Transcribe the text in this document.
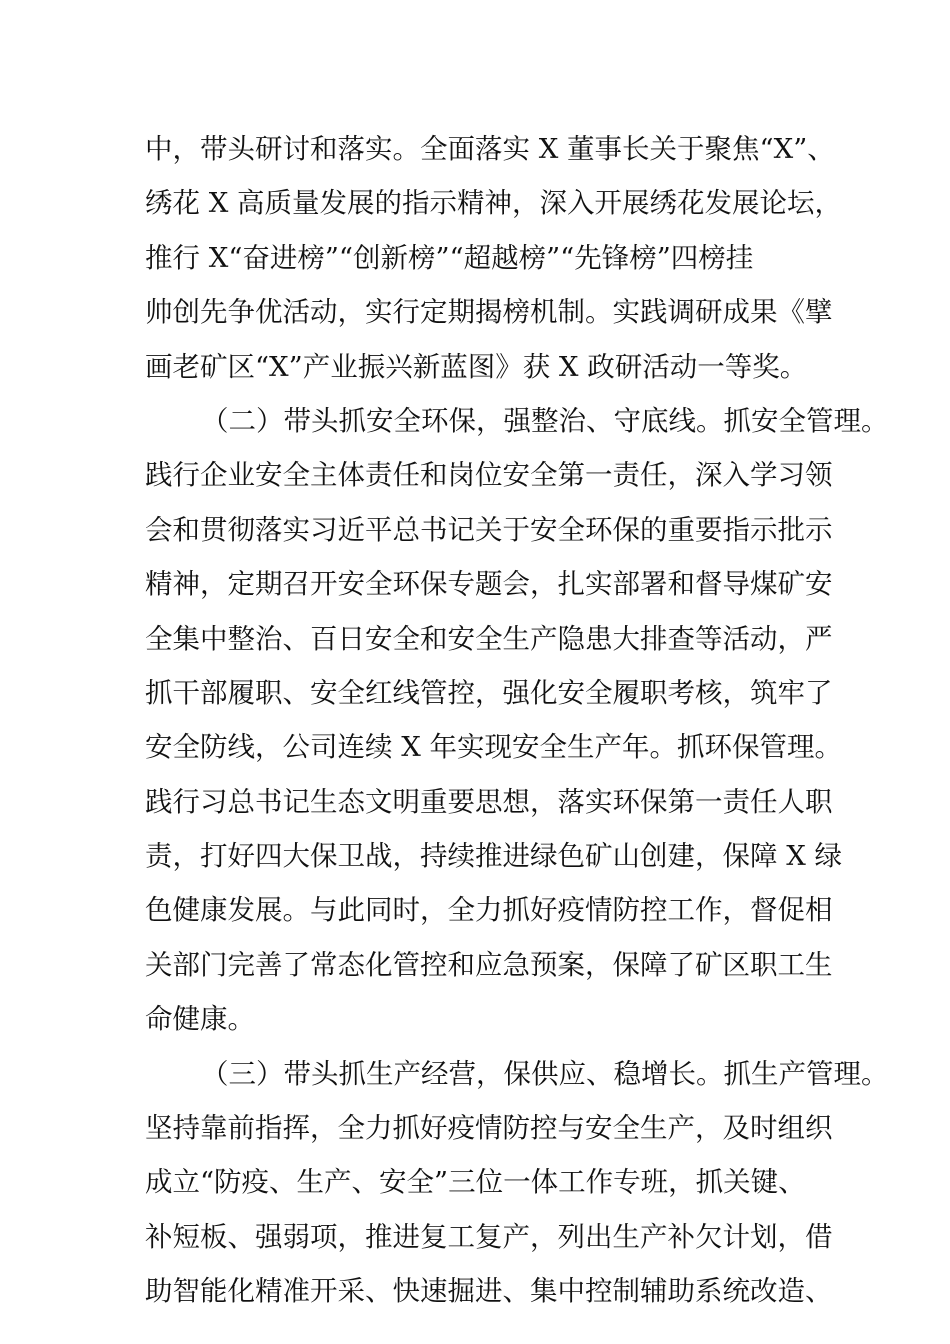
中，带头研讨和落实。全面落实 X 董事长关于聚焦“X”、
绣花 X 高质量发展的指示精神，深入开展绣花发展论坛，
推行 X“奋进榜”“创新榜”“超越榜”“先锋榜”四榜挂
帅创先争优活动，实行定期揭榜机制。实践调研成果《擘
画老矿区“X”产业振兴新蓝图》获 X 政研活动一等奖。
（二）带头抓安全环保，强整治、守底线。抓安全管理。
践行企业安全主体责任和岗位安全第一责任，深入学习领
会和贯彻落实习近平总书记关于安全环保的重要指示批示
精神，定期召开安全环保专题会，扎实部署和督导煤矿安
全集中整治、百日安全和安全生产隐患大排查等活动，严
抓干部履职、安全红线管控，强化安全履职考核，筑牢了
安全防线，公司连续 X 年实现安全生产年。抓环保管理。
践行习总书记生态文明重要思想，落实环保第一责任人职
责，打好四大保卫战，持续推进绿色矿山创建，保障 X 绿
色健康发展。与此同时，全力抓好疫情防控工作，督促相
关部门完善了常态化管控和应急预案，保障了矿区职工生
命健康。
（三）带头抓生产经营，保供应、稳增长。抓生产管理。
坚持靠前指挥，全力抓好疫情防控与安全生产，及时组织
成立“防疫、生产、安全”三位一体工作专班，抓关键、
补短板、强弱项，推进复工复产，列出生产补欠计划，借
助智能化精准开采、快速掘进、集中控制辅助系统改造、
